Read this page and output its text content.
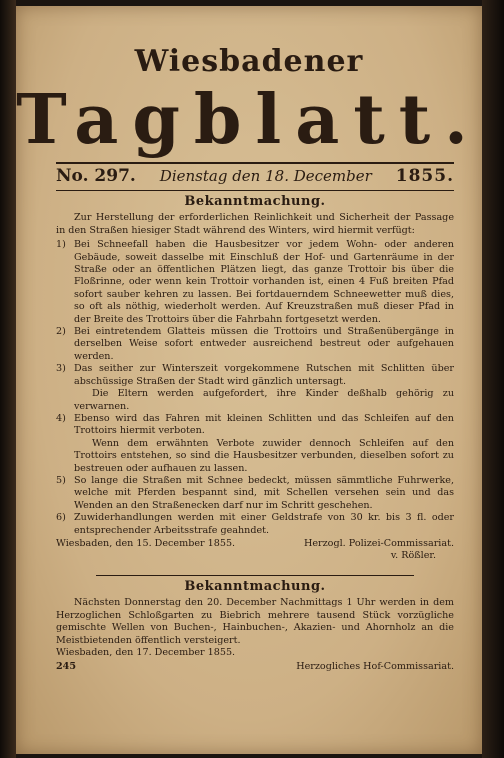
Wiesbadener
Tagblatt.
No. 297. Dienstag den 18. December 1855.
Bekanntmachung.

Zur Herstellung der erforderlichen Reinlichkeit und Sicherheit der Passage in den Straßen hiesiger Stadt während des Winters, wird hiermit verfügt:

1) Bei Schneefall haben die Hausbesitzer vor jedem Wohn- oder anderen Gebäude, soweit dasselbe mit Einschluß der Hof- und Gartenräume in der Straße oder an öffentlichen Plätzen liegt, das ganze Trottoir bis über die Floßrinne, oder wenn kein Trottoir vorhanden ist, einen 4 Fuß breiten Pfad sofort sauber kehren zu lassen. Bei fortdauerndem Schneewetter muß dies, so oft als nöthig, wiederholt werden. Auf Kreuzstraßen muß dieser Pfad in der Breite des Trottoirs über die Fahrbahn fortgesetzt werden.

2) Bei eintretendem Glatteis müssen die Trottoirs und Straßenübergänge in derselben Weise sofort entweder ausreichend bestreut oder aufgehauen werden.

3) Das seither zur Winterszeit vorgekommene Rutschen mit Schlitten über abschüssige Straßen der Stadt wird gänzlich untersagt.

Die Eltern werden aufgefordert, ihre Kinder deßhalb gehörig zu verwarnen.

4) Ebenso wird das Fahren mit kleinen Schlitten und das Schleifen auf den Trottoirs hiermit verboten.

Wenn dem erwähnten Verbote zuwider dennoch Schleifen auf den Trottoirs entstehen, so sind die Hausbesitzer verbunden, dieselben sofort zu bestreuen oder aufhauen zu lassen.

5) So lange die Straßen mit Schnee bedeckt, müssen sämmtliche Fuhrwerke, welche mit Pferden bespannt sind, mit Schellen versehen sein und das Wenden an den Straßenecken darf nur im Schritt geschehen.

6) Zuwiderhandlungen werden mit einer Geldstrafe von 30 kr. bis 3 fl. oder entsprechender Arbeitsstrafe geahndet.

Wiesbaden, den 15. December 1855.	Herzogl. Polizei-Commissariat.
v. Rößler.
Bekanntmachung.

Nächsten Donnerstag den 20. December Nachmittags 1 Uhr werden in dem Herzoglichen Schloßgarten zu Biebrich mehrere tausend Stück vorzügliche gemischte Wellen von Buchen-, Hainbuchen-, Akazien- und Ahornholz an die Meistbietenden öffentlich versteigert.

Wiesbaden, den 17. December 1855.
245	Herzogliches Hof-Commissariat.
